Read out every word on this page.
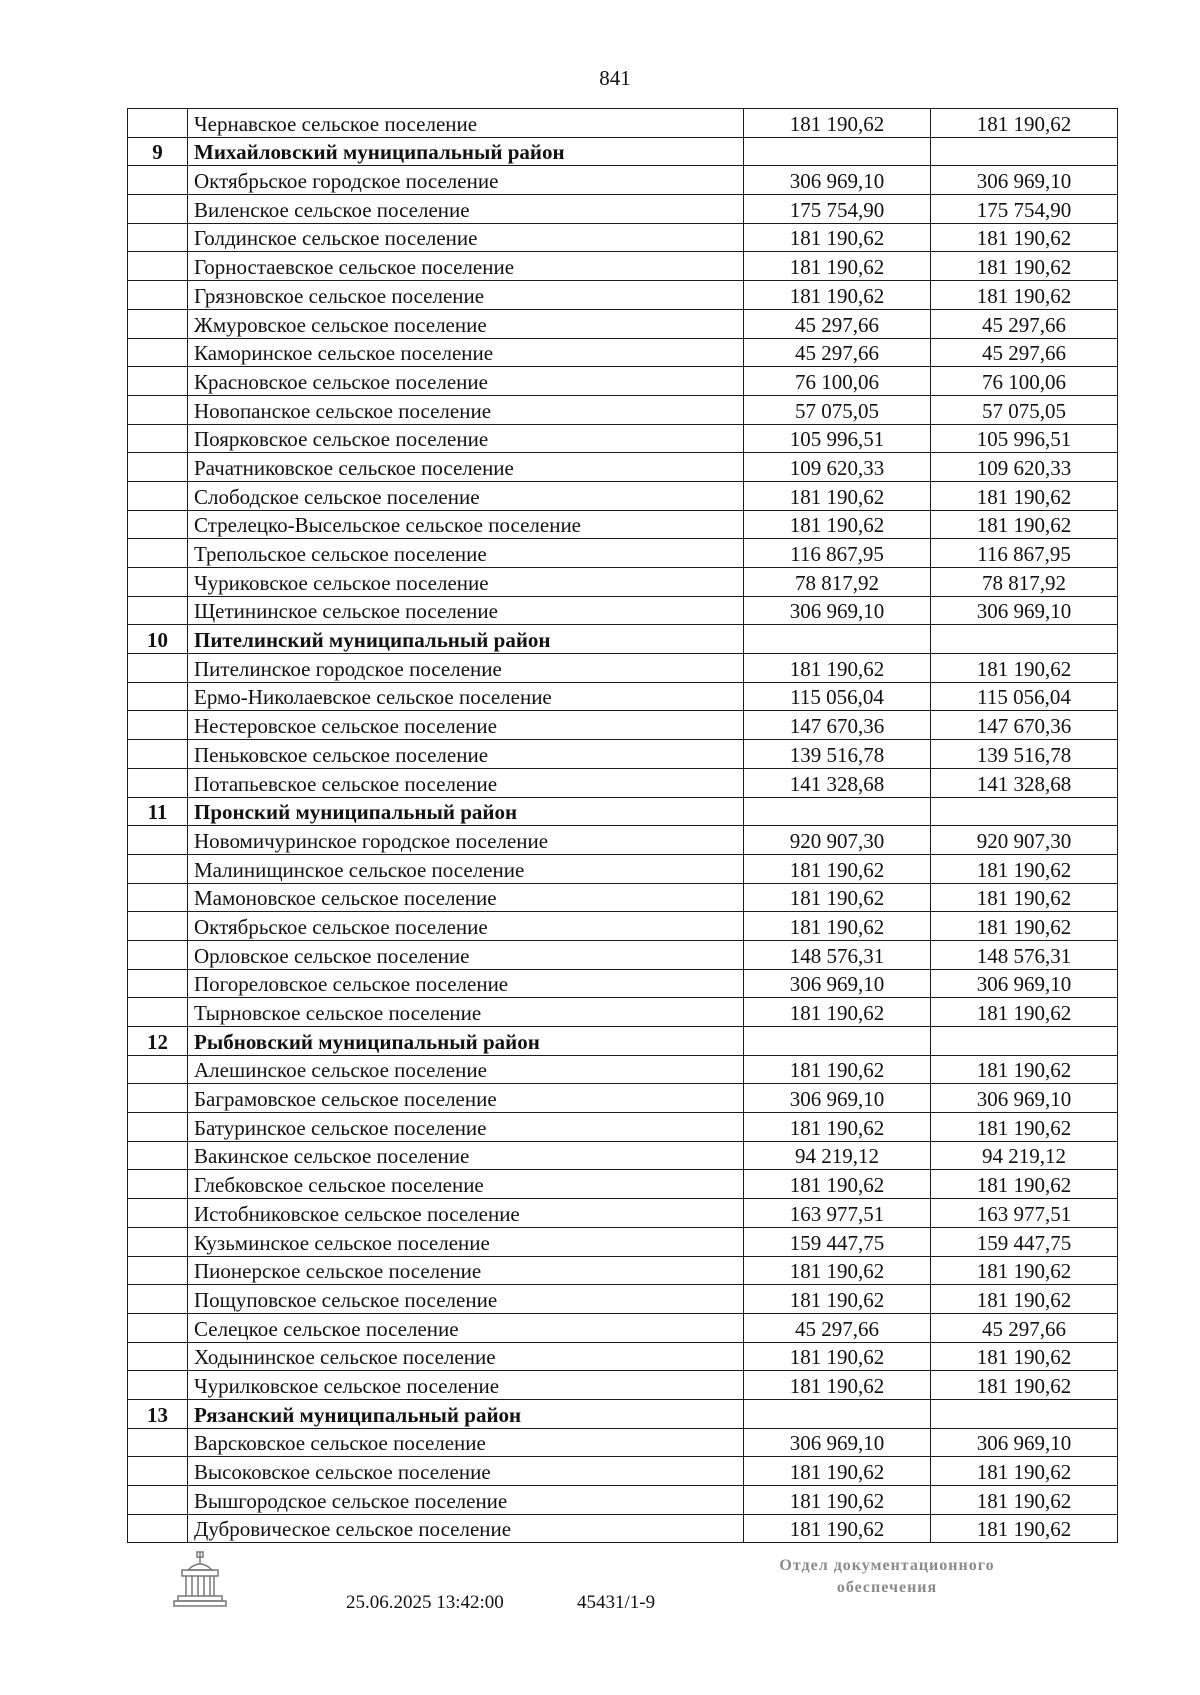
841
	Чернавское сельское поселение	181 190,62	181 190,62
9	Михайловский муниципальный район		
	Октябрьское городское поселение	306 969,10	306 969,10
	Виленское сельское поселение	175 754,90	175 754,90
	Голдинское сельское поселение	181 190,62	181 190,62
	Горностаевское сельское поселение	181 190,62	181 190,62
	Грязновское сельское поселение	181 190,62	181 190,62
	Жмуровское сельское поселение	45 297,66	45 297,66
	Каморинское сельское поселение	45 297,66	45 297,66
	Красновское сельское поселение	76 100,06	76 100,06
	Новопанское сельское поселение	57 075,05	57 075,05
	Поярковское сельское поселение	105 996,51	105 996,51
	Рачатниковское сельское поселение	109 620,33	109 620,33
	Слободское сельское поселение	181 190,62	181 190,62
	Стрелецко-Высельское сельское поселение	181 190,62	181 190,62
	Трепольское сельское поселение	116 867,95	116 867,95
	Чуриковское сельское поселение	78 817,92	78 817,92
	Щетининское сельское поселение	306 969,10	306 969,10
10	Пителинский муниципальный район		
	Пителинское городское поселение	181 190,62	181 190,62
	Ермо-Николаевское сельское поселение	115 056,04	115 056,04
	Нестеровское сельское поселение	147 670,36	147 670,36
	Пеньковское сельское поселение	139 516,78	139 516,78
	Потапьевское сельское поселение	141 328,68	141 328,68
11	Пронский муниципальный район		
	Новомичуринское городское поселение	920 907,30	920 907,30
	Малинищинское сельское поселение	181 190,62	181 190,62
	Мамоновское сельское поселение	181 190,62	181 190,62
	Октябрьское сельское поселение	181 190,62	181 190,62
	Орловское сельское поселение	148 576,31	148 576,31
	Погореловское сельское поселение	306 969,10	306 969,10
	Тырновское сельское поселение	181 190,62	181 190,62
12	Рыбновский муниципальный район		
	Алешинское сельское поселение	181 190,62	181 190,62
	Баграмовское сельское поселение	306 969,10	306 969,10
	Батуринское сельское поселение	181 190,62	181 190,62
	Вакинское сельское поселение	94 219,12	94 219,12
	Глебковское сельское поселение	181 190,62	181 190,62
	Истобниковское сельское поселение	163 977,51	163 977,51
	Кузьминское сельское поселение	159 447,75	159 447,75
	Пионерское сельское поселение	181 190,62	181 190,62
	Пощуповское сельское поселение	181 190,62	181 190,62
	Селецкое сельское поселение	45 297,66	45 297,66
	Ходынинское сельское поселение	181 190,62	181 190,62
	Чурилковское сельское поселение	181 190,62	181 190,62
13	Рязанский муниципальный район		
	Варсковское сельское поселение	306 969,10	306 969,10
	Высоковское сельское поселение	181 190,62	181 190,62
	Вышгородское сельское поселение	181 190,62	181 190,62
	Дубровическое сельское поселение	181 190,62	181 190,62
25.06.2025 13:42:00	45431/1-9
Отдел документационного
обеспечения
